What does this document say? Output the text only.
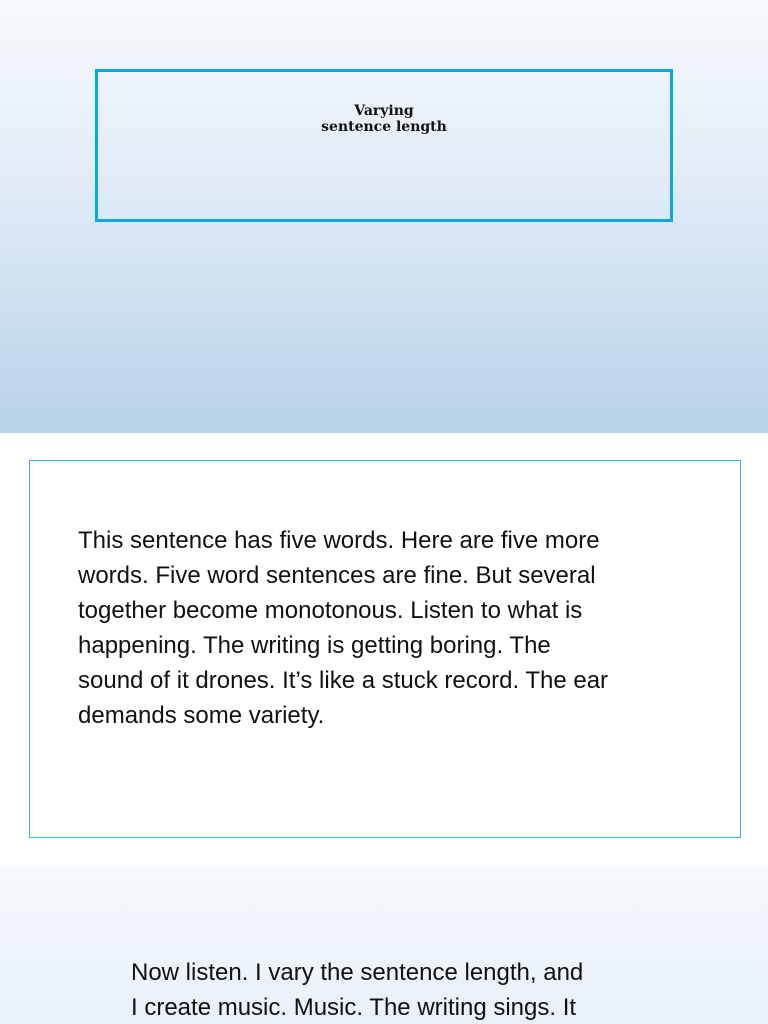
Varying
sentence length

This sentence has five words. Here are five more
words. Five word sentences are fine. But several
together become monotonous. Listen to what is
happening. The writing is getting boring. The
sound of it drones. It’s like a stuck record. The ear
demands some variety.

Now listen. I vary the sentence length, and
I create music. Music. The writing sings. It
